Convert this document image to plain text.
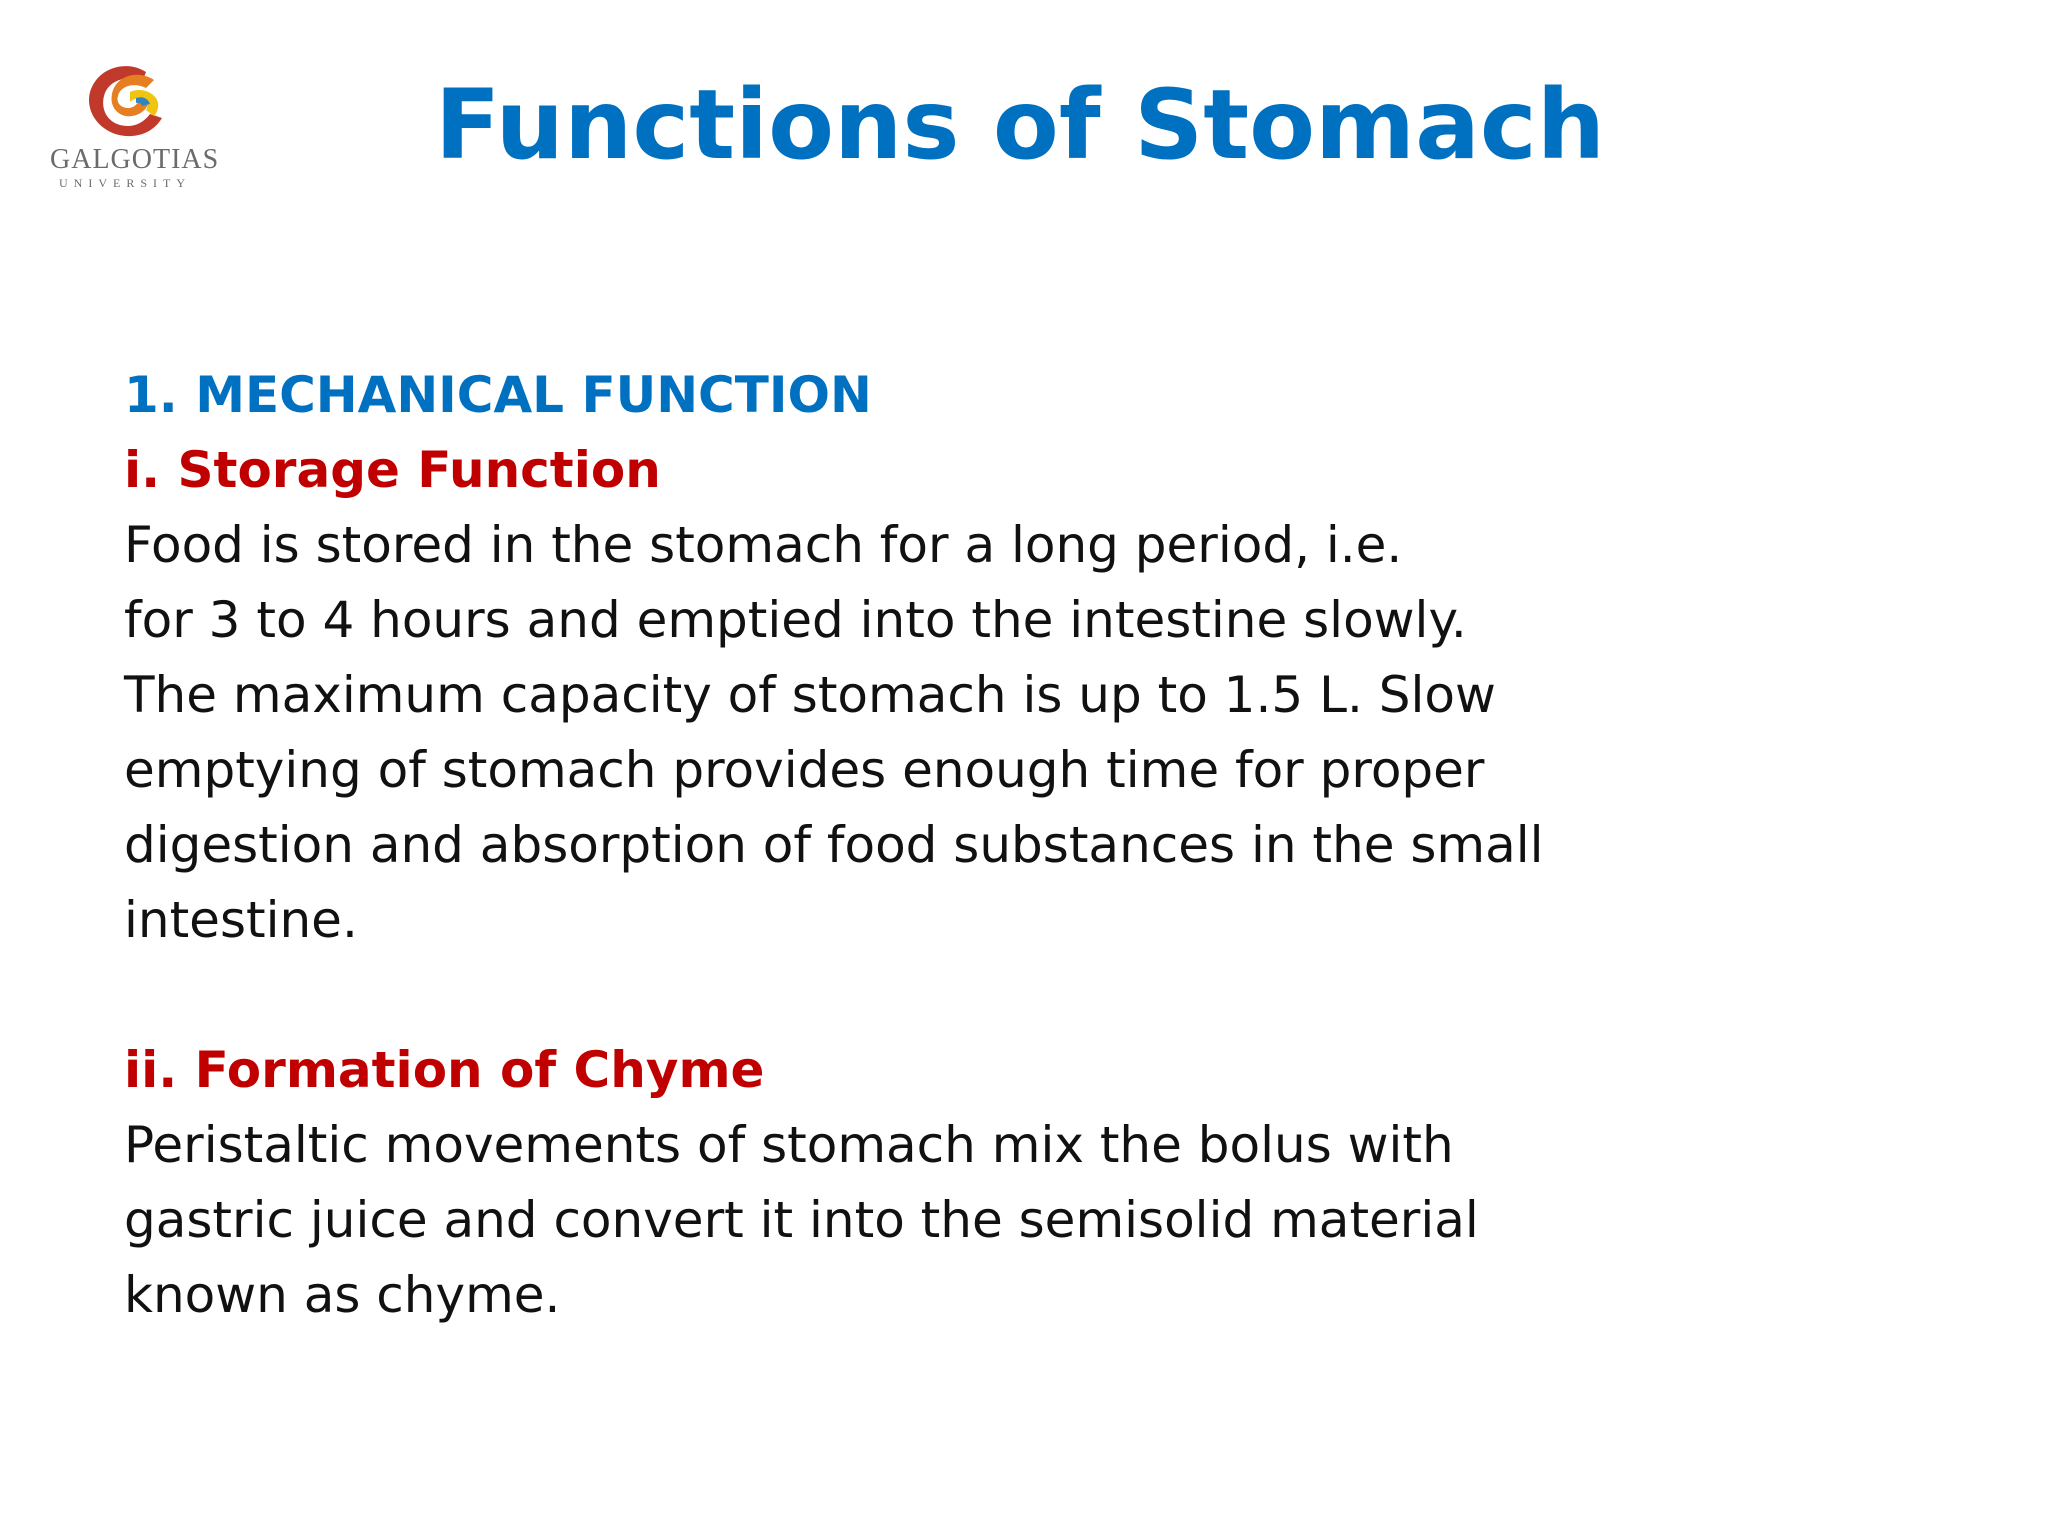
GALGOTIAS
UNIVERSITY
Functions of Stomach
1. MECHANICAL FUNCTION
i. Storage Function
Food is stored in the stomach for a long period, i.e.
for 3 to 4 hours and emptied into the intestine slowly.
The maximum capacity of stomach is up to 1.5 L. Slow
emptying of stomach provides enough time for proper
digestion and absorption of food substances in the small
intestine.
ii. Formation of Chyme
Peristaltic movements of stomach mix the bolus with
gastric juice and convert it into the semisolid material
known as chyme.
